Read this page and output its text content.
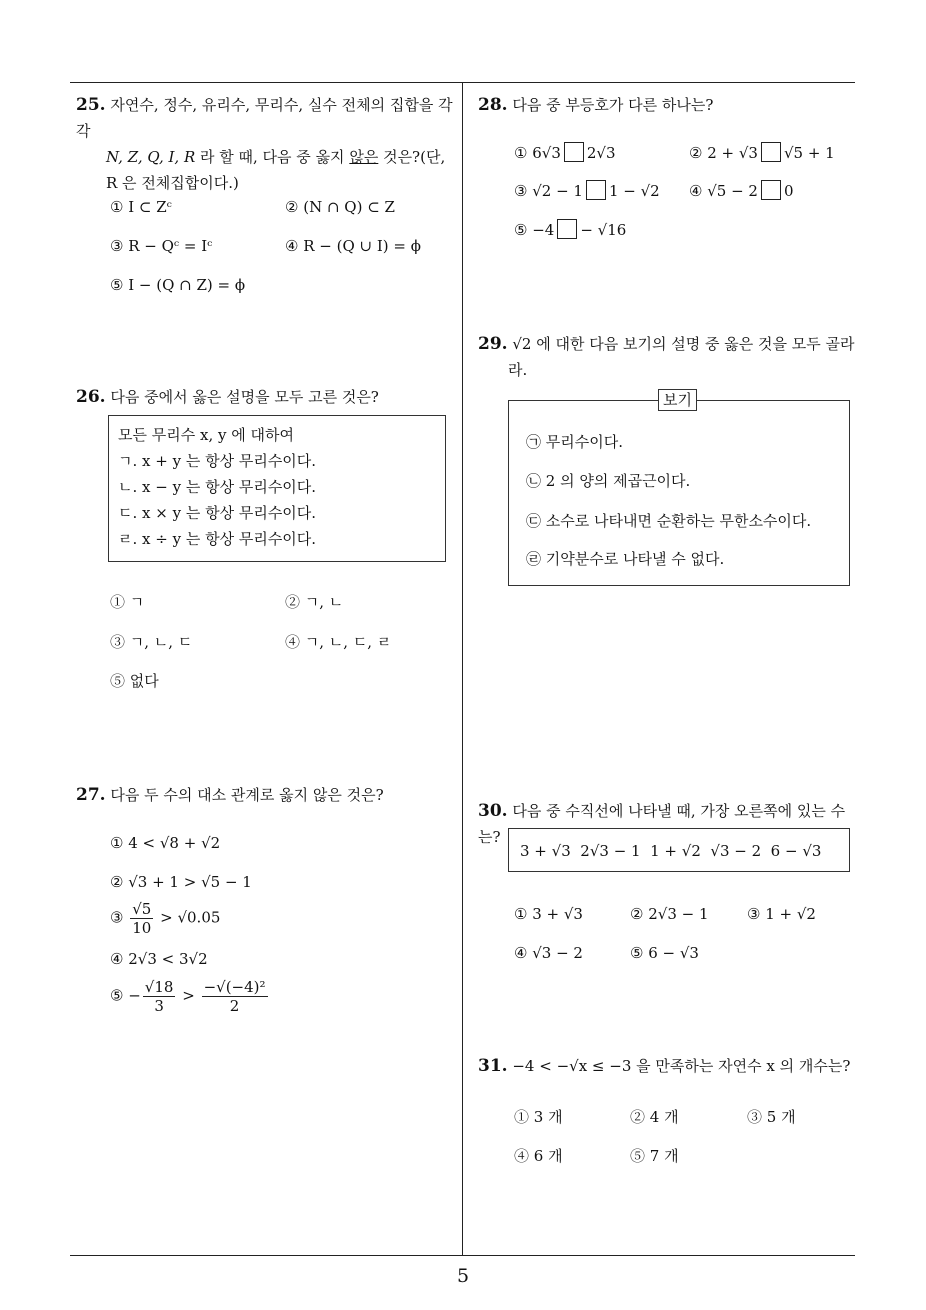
25. 자연수, 정수, 유리수, 무리수, 실수 전체의 집합을 각각
N, Z, Q, I, R 라 할 때, 다음 중 옳지 않은 것은?(단,
R 은 전체집합이다.)
① I ⊂ Zᶜ	② (N ∩ Q) ⊂ Z
③ R − Qᶜ = Iᶜ	④ R − (Q ∪ I) = ϕ
⑤ I − (Q ∩ Z) = ϕ
26. 다음 중에서 옳은 설명을 모두 고른 것은?
모든 무리수 x, y 에 대하여
ㄱ. x + y 는 항상 무리수이다.
ㄴ. x − y 는 항상 무리수이다.
ㄷ. x × y 는 항상 무리수이다.
ㄹ. x ÷ y 는 항상 무리수이다.
① ㄱ	② ㄱ, ㄴ
③ ㄱ, ㄴ, ㄷ	④ ㄱ, ㄴ, ㄷ, ㄹ
⑤ 없다
27. 다음 두 수의 대소 관계로 옳지 않은 것은?
① 4 < √8 + √2
② √3 + 1 > √5 − 1
③ $\frac{√5}{10} > √0.05$
④ 2√3 < 3√2
⑤ − $\frac{√18}{3} > \frac{\text{−√(−4)²}}{2}$
28. 다음 중 부등호가 다른 하나는?
① 6√3 2√3	② 2 + √3 √5 + 1
③ √2 − 1 1 − √2 ④ √5 − 2 0
⑤ −4 − √16
29. √2 에 대한 다음 보기의 설명 중 옳은 것을 모두 골라
라.
보기
㉠ 무리수이다.
㉡ 2 의 양의 제곱근이다.
㉢ 소수로 나타내면 순환하는 무한소수이다.
㉣ 기약분수로 나타낼 수 없다.
30. 다음 중 수직선에 나타낼 때, 가장 오른쪽에 있는 수는?
3 + √3  2√3 − 1  1 + √2  √3 − 2  6 − √3
① 3 + √3	② 2√3 − 1	③ 1 + √2
④ √3 − 2	⑤ 6 − √3
31. −4 < −√x ≤ −3 을 만족하는 자연수 x 의 개수는?
① 3 개	② 4 개	③ 5 개
④ 6 개	⑤ 7 개
5
